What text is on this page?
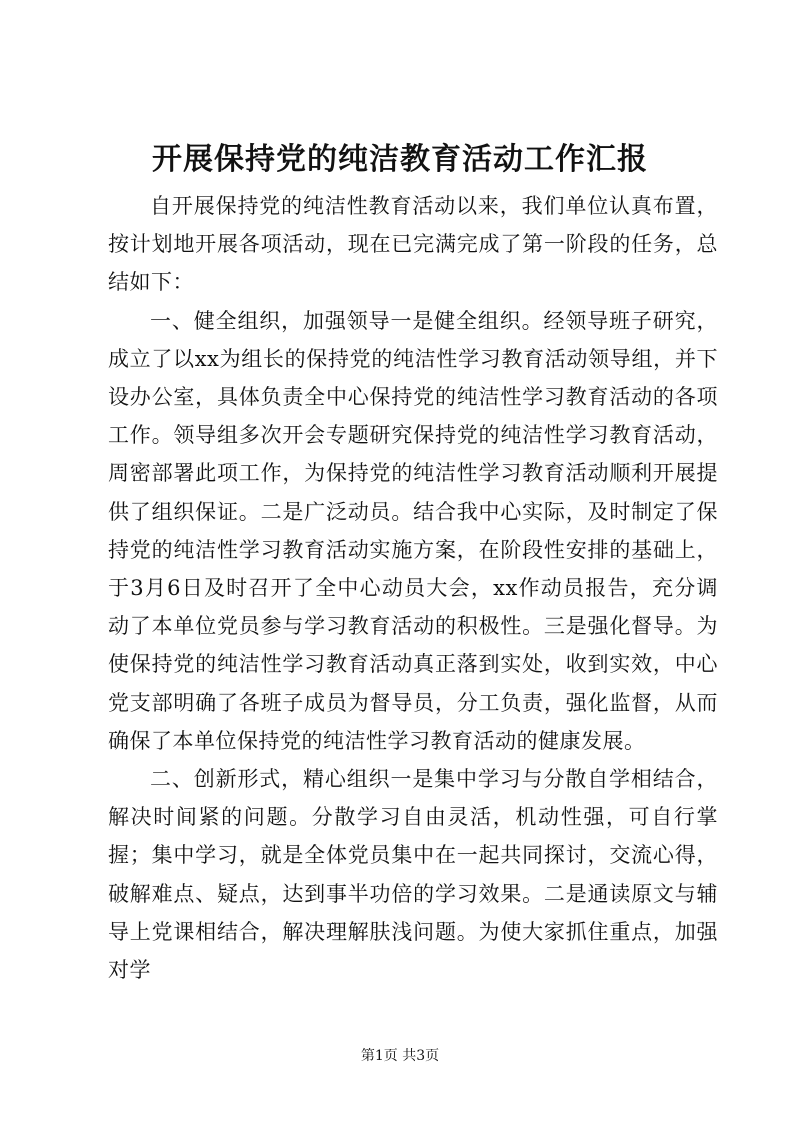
开展保持党的纯洁教育活动工作汇报

自开展保持党的纯洁性教育活动以来，我们单位认真布置，按计划地开展各项活动，现在已完满完成了第一阶段的任务，总结如下：

一、健全组织，加强领导一是健全组织。经领导班子研究，成立了以xx为组长的保持党的纯洁性学习教育活动领导组，并下设办公室，具体负责全中心保持党的纯洁性学习教育活动的各项工作。领导组多次开会专题研究保持党的纯洁性学习教育活动，周密部署此项工作，为保持党的纯洁性学习教育活动顺利开展提供了组织保证。二是广泛动员。结合我中心实际，及时制定了保持党的纯洁性学习教育活动实施方案，在阶段性安排的基础上，于3月6日及时召开了全中心动员大会，xx作动员报告，充分调动了本单位党员参与学习教育活动的积极性。三是强化督导。为使保持党的纯洁性学习教育活动真正落到实处，收到实效，中心党支部明确了各班子成员为督导员，分工负责，强化监督，从而确保了本单位保持党的纯洁性学习教育活动的健康发展。

二、创新形式，精心组织一是集中学习与分散自学相结合，解决时间紧的问题。分散学习自由灵活，机动性强，可自行掌握；集中学习，就是全体党员集中在一起共同探讨，交流心得，破解难点、疑点，达到事半功倍的学习效果。二是通读原文与辅导上党课相结合，解决理解肤浅问题。为使大家抓住重点，加强对学

第1页 共3页
